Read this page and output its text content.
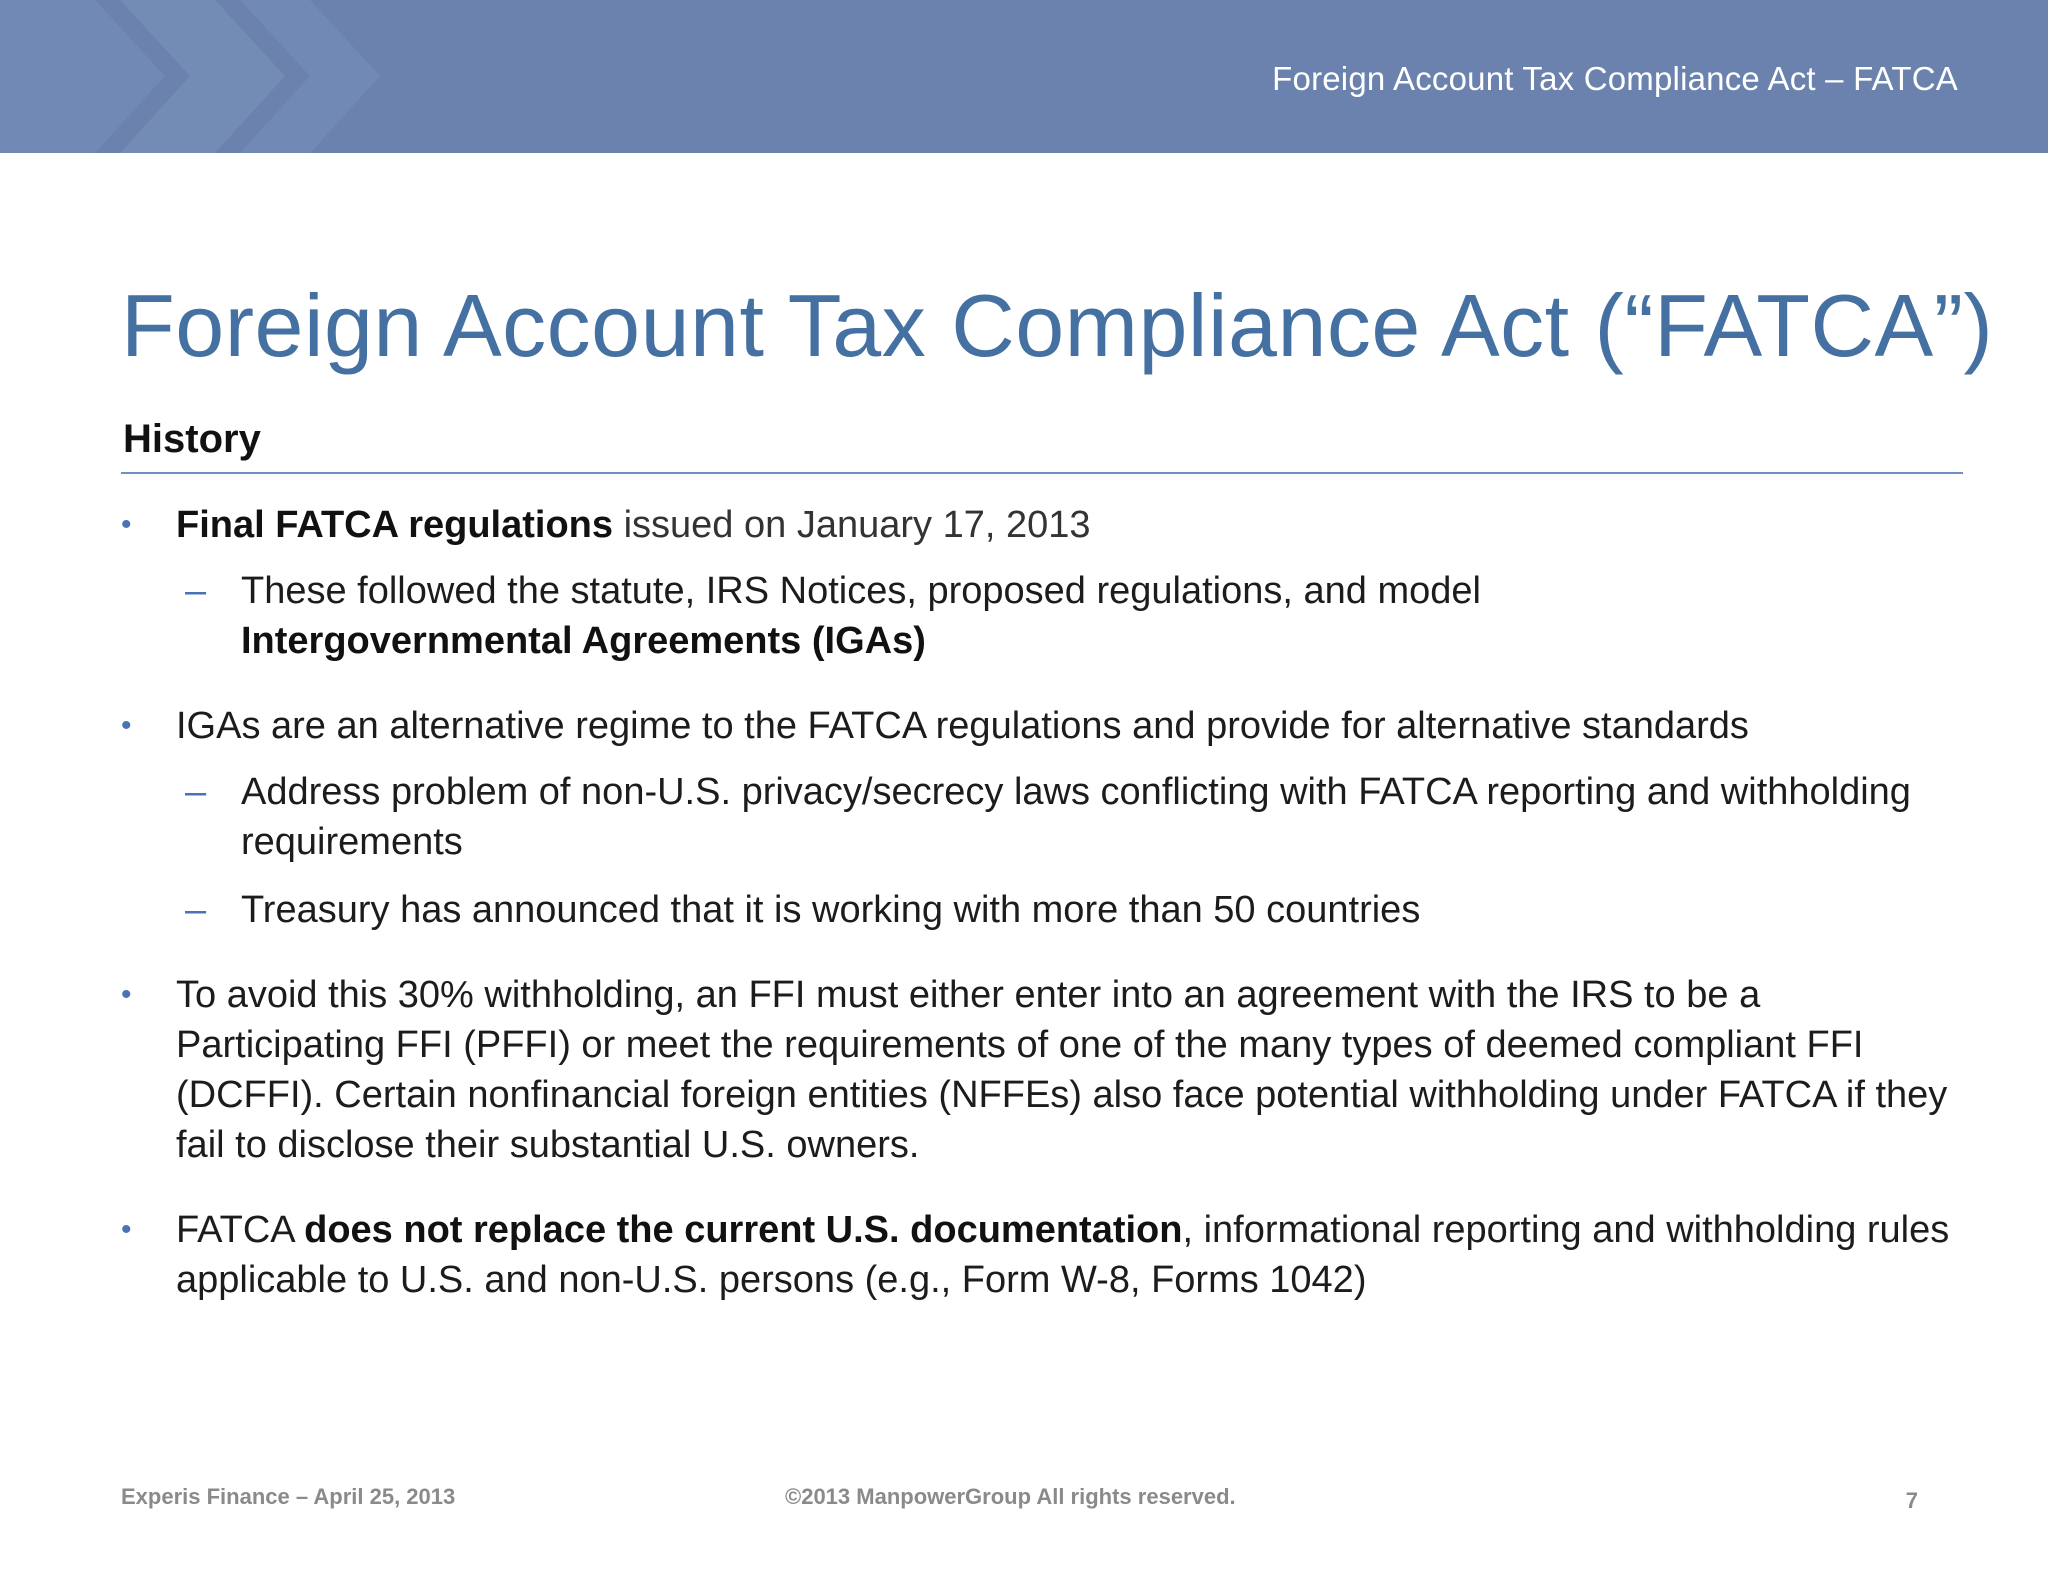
Foreign Account Tax Compliance Act – FATCA
Foreign Account Tax Compliance Act (“FATCA”)
History
•	Final FATCA regulations issued on January 17, 2013
– These followed the statute, IRS Notices, proposed regulations, and model
Intergovernmental Agreements (IGAs)
•	IGAs are an alternative regime to the FATCA regulations and provide for alternative standards
– Address problem of non-U.S. privacy/secrecy laws conflicting with FATCA reporting and withholding requirements
– Treasury has announced that it is working with more than 50 countries
•	To avoid this 30% withholding, an FFI must either enter into an agreement with the IRS to be a Participating FFI (PFFI) or meet the requirements of one of the many types of deemed compliant FFI (DCFFI). Certain nonfinancial foreign entities (NFFEs) also face potential withholding under FATCA if they fail to disclose their substantial U.S. owners.
•	FATCA does not replace the current U.S. documentation, informational reporting and withholding rules applicable to U.S. and non-U.S. persons (e.g., Form W-8, Forms 1042)
Experis Finance – April 25, 2013	©2013 ManpowerGroup All rights reserved.	7
